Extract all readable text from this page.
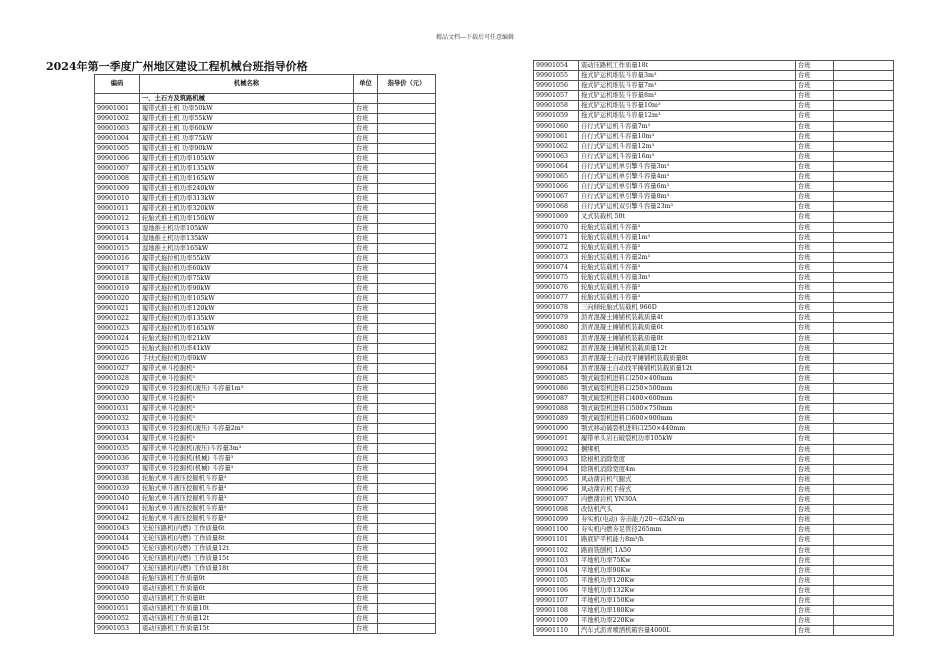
精品文档---下载后可任意编辑
2024年第一季度广州地区建设工程机械台班指导价格
编码	机械名称	单位	指导价（元）
	一、土石方及筑路机械		
99901001	履带式推土机 功率50kW	台班	
99901002	履带式推土机 功率55kW	台班	
99901003	履带式推土机 功率60kW	台班	
99901004	履带式推土机 功率75kW	台班	
99901005	履带式推土机 功率90kW	台班	
99901006	履带式推土机功率105kW	台班	
99901007	履带式推土机功率135kW	台班	
99901008	履带式推土机功率165kW	台班	
99901009	履带式推土机功率240kW	台班	
99901010	履带式推土机功率313kW	台班	
99901011	履带式推土机功率320kW	台班	
99901012	轮胎式推土机功率150kW	台班	
99901013	湿地推土机功率105kW	台班	
99901014	湿地推土机功率135kW	台班	
99901015	湿地推土机功率165kW	台班	
99901016	履带式拖拉机功率55kW	台班	
99901017	履带式拖拉机功率60kW	台班	
99901018	履带式拖拉机功率75kW	台班	
99901019	履带式拖拉机功率90kW	台班	
99901020	履带式拖拉机功率105kW	台班	
99901021	履带式拖拉机功率120kW	台班	
99901022	履带式拖拉机功率135kW	台班	
99901023	履带式拖拉机功率165kW	台班	
99901024	轮胎式拖拉机功率21kW	台班	
99901025	轮胎式拖拉机功率41kW	台班	
99901026	手扶式拖拉机功率9kW	台班	
99901027	履带式单斗挖掘机³	台班	
99901028	履带式单斗挖掘机³	台班	
99901029	履带式单斗挖掘机(液压) 斗容量1m³	台班	
99901030	履带式单斗挖掘机³	台班	
99901031	履带式单斗挖掘机³	台班	
99901032	履带式单斗挖掘机³	台班	
99901033	履带式单斗挖掘机(液压) 斗容量2m³	台班	
99901034	履带式单斗挖掘机³	台班	
99901035	履带式单斗挖掘机(液压)斗容量3m³	台班	
99901036	履带式单斗挖掘机(机械) 斗容量³	台班	
99901037	履带式单斗挖掘机(机械) 斗容量³	台班	
99901038	轮胎式单斗液压挖掘机斗容量³	台班	
99901039	轮胎式单斗液压挖掘机斗容量³	台班	
99901040	轮胎式单斗液压挖掘机斗容量³	台班	
99901041	轮胎式单斗液压挖掘机斗容量³	台班	
99901042	轮胎式单斗液压挖掘机斗容量³	台班	
99901043	光轮压路机(内燃) 工作质量6t	台班	
99901044	光轮压路机(内燃) 工作质量8t	台班	
99901045	光轮压路机(内燃) 工作质量12t	台班	
99901046	光轮压路机(内燃) 工作质量15t	台班	
99901047	光轮压路机(内燃) 工作质量18t	台班	
99901048	轮胎压路机工作质量9t	台班	
99901049	震动压路机工作质量6t	台班	
99901050	震动压路机工作质量8t	台班	
99901051	震动压路机工作质量10t	台班	
99901052	震动压路机工作质量12t	台班	
99901053	震动压路机工作质量15t	台班	
99901054	震动压路机工作质量18t	台班	
99901055	拖式铲运机堆装斗容量3m³	台班	
99901056	拖式铲运机堆装斗容量7m³	台班	
99901057	拖式铲运机堆装斗容量8m³	台班	
99901058	拖式铲运机堆装斗容量10m³	台班	
99901059	拖式铲运机堆装斗容量12m³	台班	
99901060	自行式铲运机斗容量7m³	台班	
99901061	自行式铲运机斗容量10m³	台班	
99901062	自行式铲运机斗容量12m³	台班	
99901063	自行式铲运机斗容量16m³	台班	
99901064	自行式铲运机单引擎斗容量3m³	台班	
99901065	自行式铲运机单引擎斗容量4m³	台班	
99901066	自行式铲运机单引擎斗容量6m³	台班	
99901067	自行式铲运机单引擎斗容量8m³	台班	
99901068	自行式铲运机双引擎斗容量23m³	台班	
99901069	叉式装载机 50t	台班	
99901070	轮胎式装载机斗容量³	台班	
99901071	轮胎式装载机斗容量1m³	台班	
99901072	轮胎式装载机斗容量³	台班	
99901073	轮胎式装载机斗容量2m³	台班	
99901074	轮胎式装载机斗容量³	台班	
99901075	轮胎式装载机斗容量3m³	台班	
99901076	轮胎式装载机斗容量³	台班	
99901077	轮胎式装载机斗容量³	台班	
99901078	三向倾轮胎式装载机 966D	台班	
99901079	沥青混凝土摊铺机装载质量4t	台班	
99901080	沥青混凝土摊铺机装载质量6t	台班	
99901081	沥青混凝土摊铺机装载质量8t	台班	
99901082	沥青混凝土摊铺机装载质量12t	台班	
99901083	沥青混凝土自动找平摊铺机装载质量8t	台班	
99901084	沥青混凝土自动找平摊铺机装载质量12t	台班	
99901085	颚式破裂机进料口250×400mm	台班	
99901086	颚式破裂机进料口250×500mm	台班	
99901087	颚式破裂机进料口400×600mm	台班	
99901088	颚式破裂机进料口500×750mm	台班	
99901089	颚式破裂机进料口600×900mm	台班	
99901090	颚式移动破裂机进料口250×440mm	台班	
99901091	履带单头岩石破裂机功率105kW	台班	
99901092	捆绑机	台班	
99901093	除根机消除宽度	台班	
99901094	除荆机消除宽度4m	台班	
99901095	风动凿岩机气腿式	台班	
99901096	风动凿岩机手持式	台班	
99901097	内燃凿岩机 YN30A	台班	
99901098	改钻机汽头	台班	
99901099	夯实机(电动) 夯击能力20～62kN·m	台班	
99901100	夯实机内燃夯足管径265mm	台班	
99901101	路底铲平机能力8m³/h	台班	
99901102	路面铣刨机 1A50	台班	
99901103	平地机功率75Kw	台班	
99901104	平地机功率90Kw	台班	
99901105	平地机功率120Kw	台班	
99901106	平地机功率132Kw	台班	
99901107	平地机功率150Kw	台班	
99901108	平地机功率180Kw	台班	
99901109	平地机功率220Kw	台班	
99901110	汽车式沥青喷洒机箱容量4000L	台班	
